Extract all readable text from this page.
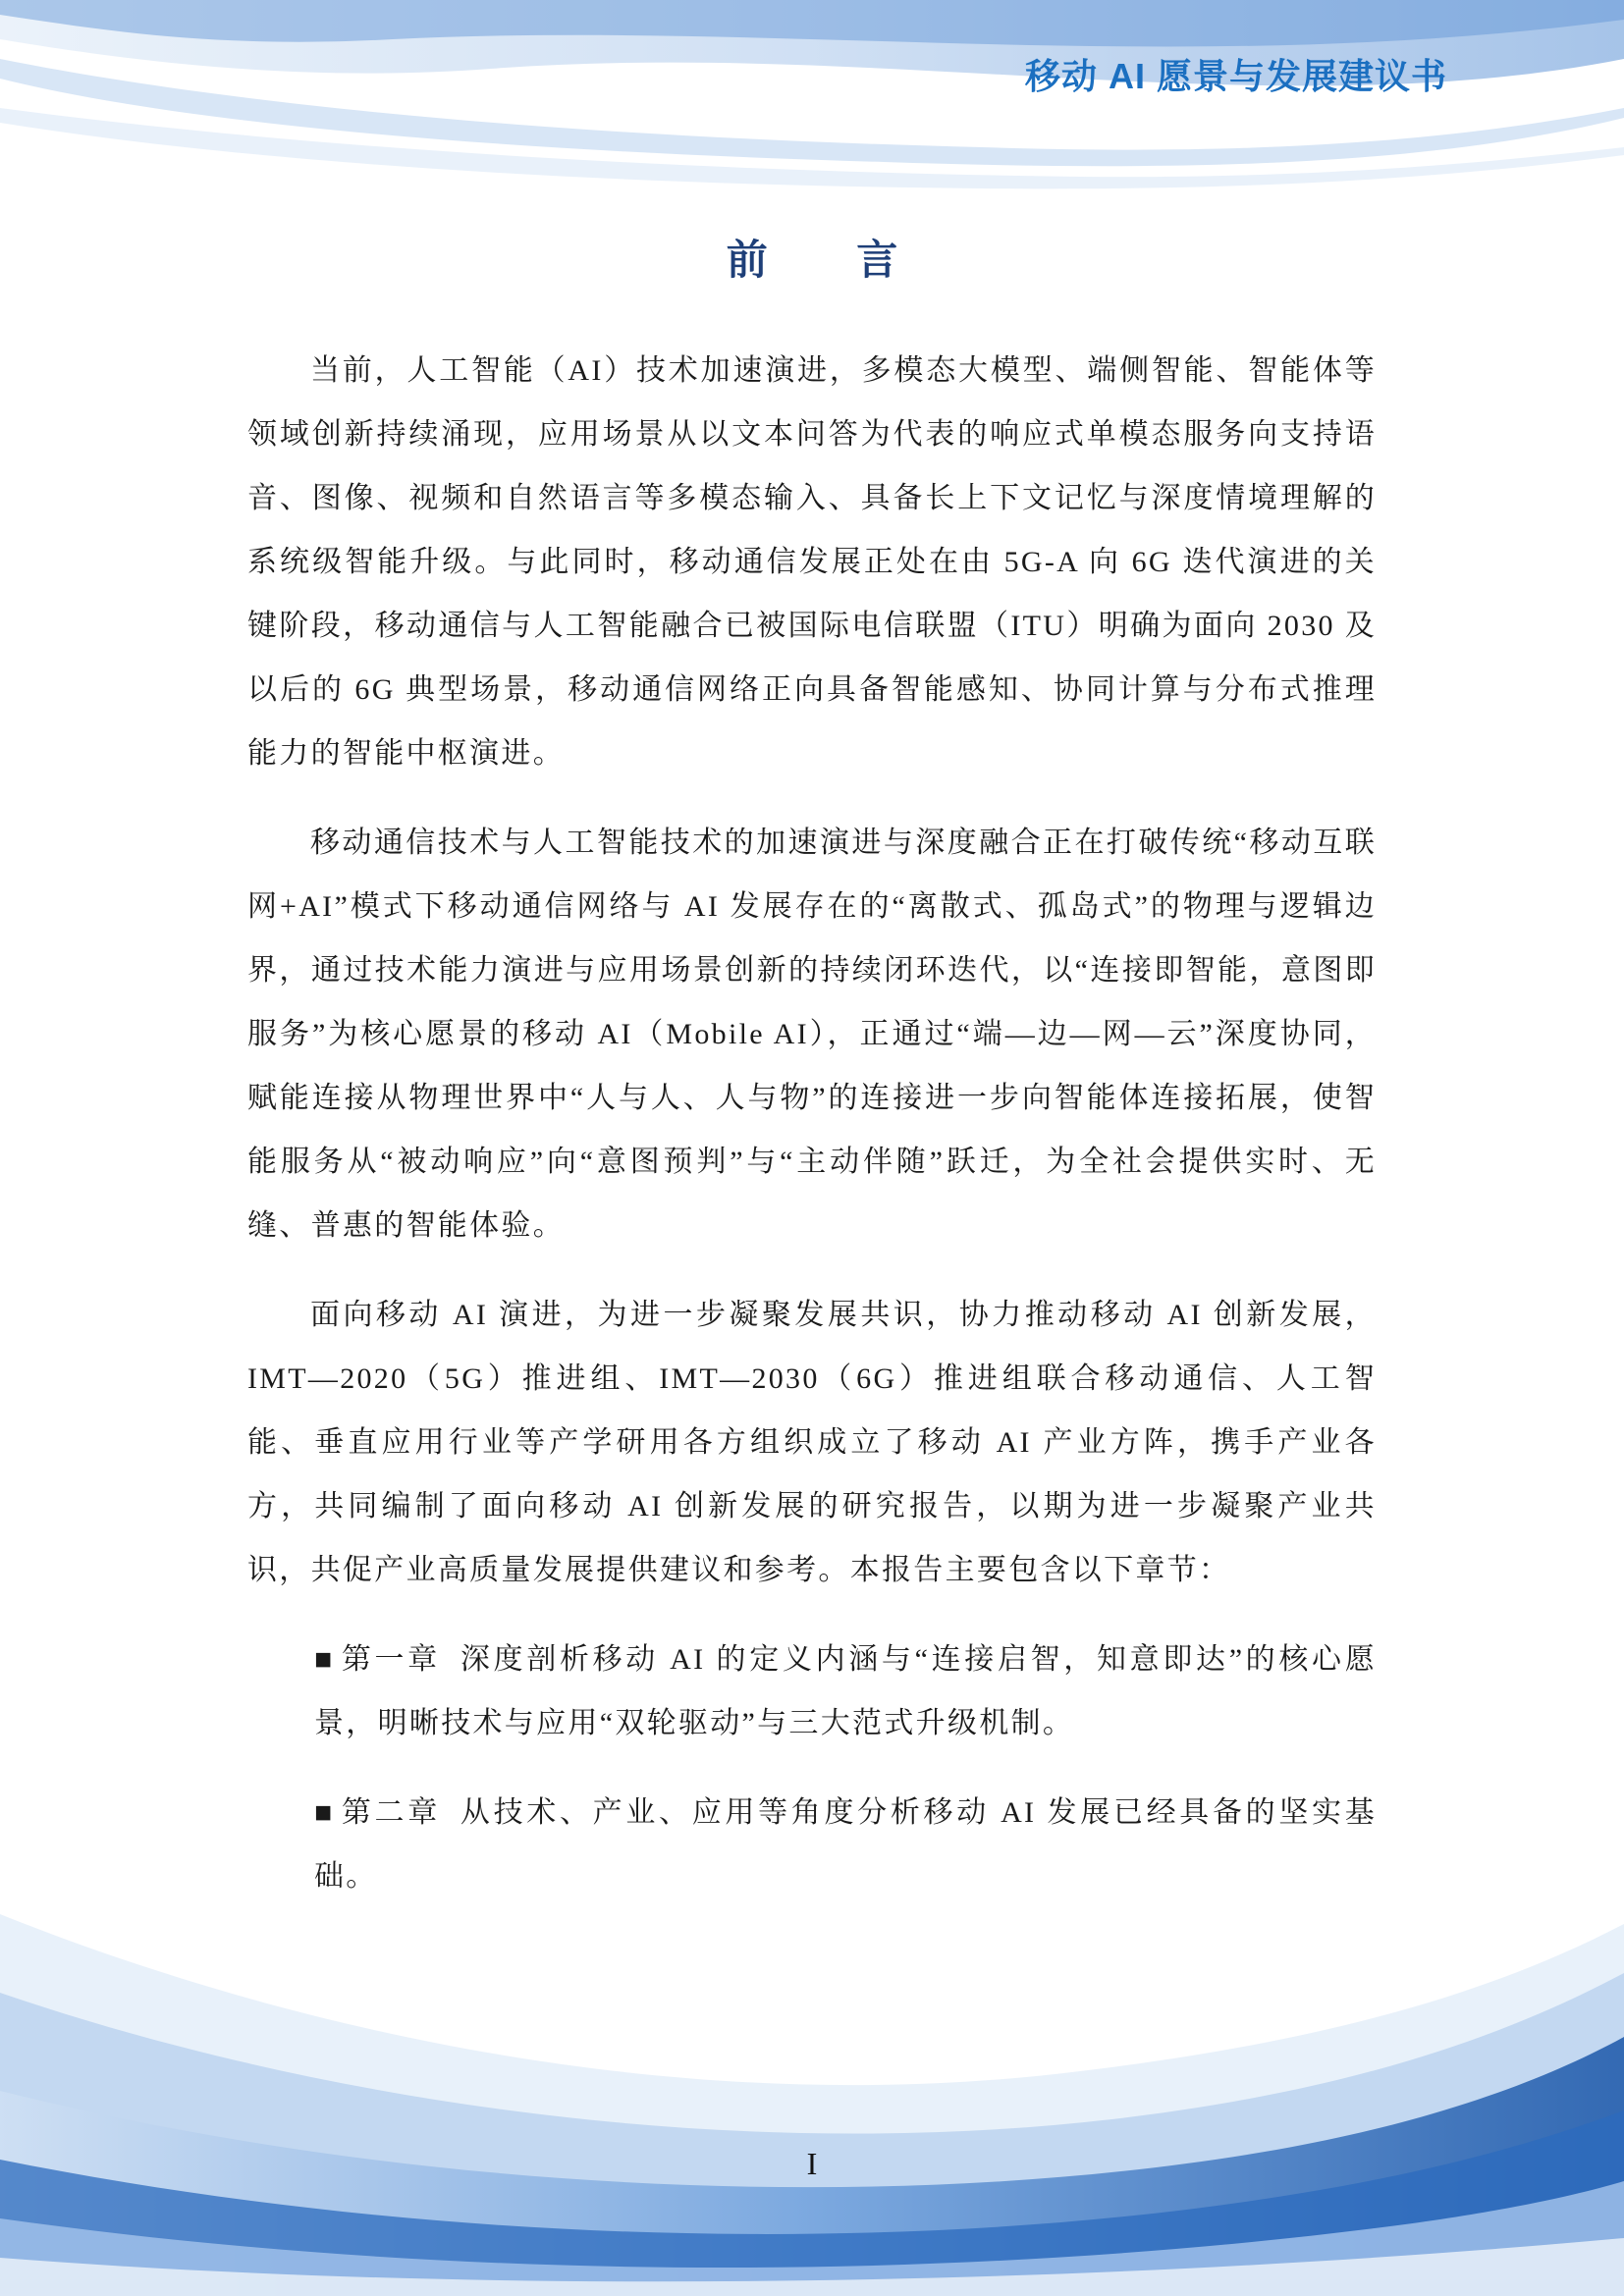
移动 AI 愿景与发展建议书
前 言

当前，人工智能（AI）技术加速演进，多模态大模型、端侧智能、智能体等领域创新持续涌现，应用场景从以文本问答为代表的响应式单模态服务向支持语音、图像、视频和自然语言等多模态输入、具备长上下文记忆与深度情境理解的系统级智能升级。与此同时，移动通信发展正处在由 5G-A 向 6G 迭代演进的关键阶段，移动通信与人工智能融合已被国际电信联盟（ITU）明确为面向 2030 及以后的 6G 典型场景，移动通信网络正向具备智能感知、协同计算与分布式推理能力的智能中枢演进。

移动通信技术与人工智能技术的加速演进与深度融合正在打破传统“移动互联网+AI”模式下移动通信网络与 AI 发展存在的“离散式、孤岛式”的物理与逻辑边界，通过技术能力演进与应用场景创新的持续闭环迭代，以“连接即智能，意图即服务”为核心愿景的移动 AI（Mobile AI），正通过“端—边—网—云”深度协同，赋能连接从物理世界中“人与人、人与物”的连接进一步向智能体连接拓展，使智能服务从“被动响应”向“意图预判”与“主动伴随”跃迁，为全社会提供实时、无缝、普惠的智能体验。

面向移动 AI 演进，为进一步凝聚发展共识，协力推动移动 AI 创新发展，IMT—2020（5G）推进组、IMT—2030（6G）推进组联合移动通信、人工智能、垂直应用行业等产学研用各方组织成立了移动 AI 产业方阵，携手产业各方，共同编制了面向移动 AI 创新发展的研究报告，以期为进一步凝聚产业共识，共促产业高质量发展提供建议和参考。本报告主要包含以下章节：

■ 第一章 深度剖析移动 AI 的定义内涵与“连接启智，知意即达”的核心愿景，明晰技术与应用“双轮驱动”与三大范式升级机制。

■ 第二章 从技术、产业、应用等角度分析移动 AI 发展已经具备的坚实基础。

I
